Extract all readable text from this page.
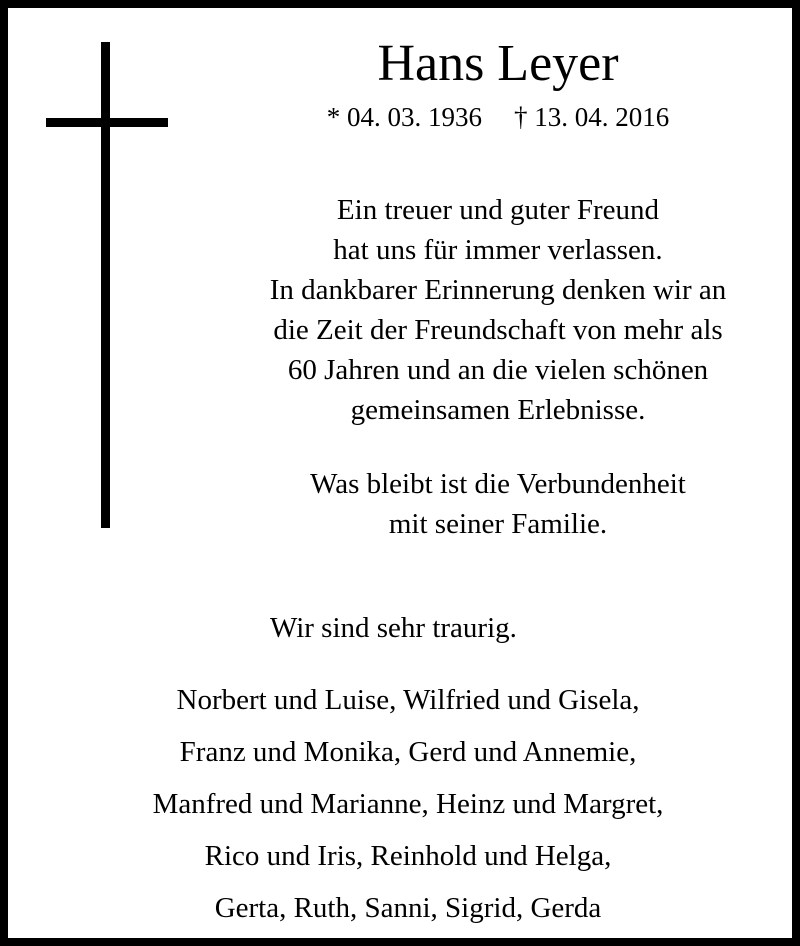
Hans Leyer
* 04. 03. 1936 † 13. 04. 2016
Ein treuer und guter Freund
hat uns für immer verlassen.
In dankbarer Erinnerung denken wir an
die Zeit der Freundschaft von mehr als
60 Jahren und an die vielen schönen
gemeinsamen Erlebnisse.
Was bleibt ist die Verbundenheit
mit seiner Familie.
Wir sind sehr traurig.
Norbert und Luise, Wilfried und Gisela,
Franz und Monika, Gerd und Annemie,
Manfred und Marianne, Heinz und Margret,
Rico und Iris, Reinhold und Helga,
Gerta, Ruth, Sanni, Sigrid, Gerda
